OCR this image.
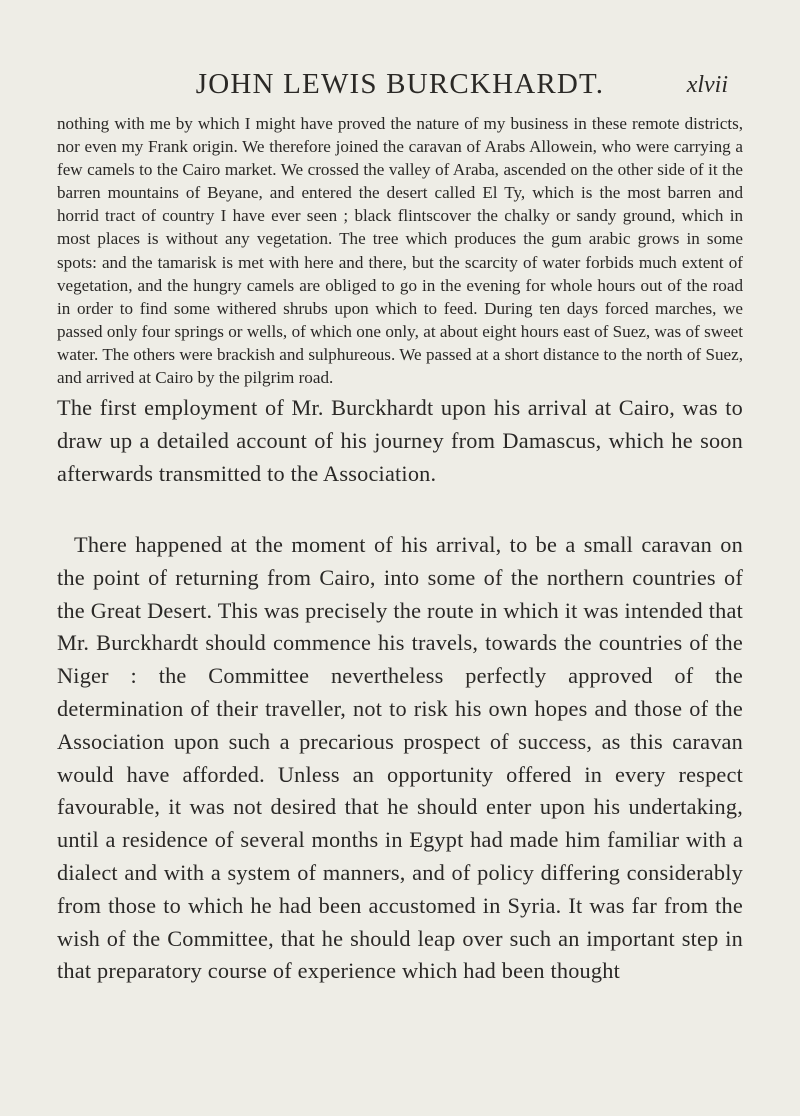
JOHN LEWIS BURCKHARDT.	xlvii

nothing with me by which I might have proved the nature of my business in these remote districts, nor even my Frank origin. We therefore joined the caravan of Arabs Allowein, who were carrying a few camels to the Cairo market. We crossed the valley of Araba, ascended on the other side of it the barren mountains of Beyane, and entered the desert called El Ty, which is the most barren and horrid tract of country I have ever seen ; black flintscover the chalky or sandy ground, which in most places is without any vegetation. The tree which produces the gum arabic grows in some spots: and the tamarisk is met with here and there, but the scarcity of water forbids much extent of vegetation, and the hungry camels are obliged to go in the evening for whole hours out of the road in order to find some withered shrubs upon which to feed. During ten days forced marches, we passed only four springs or wells, of which one only, at about eight hours east of Suez, was of sweet water. The others were brackish and sulphureous. We passed at a short distance to the north of Suez, and arrived at Cairo by the pilgrim road.

The first employment of Mr. Burckhardt upon his arrival at Cairo, was to draw up a detailed account of his journey from Damascus, which he soon afterwards transmitted to the Association.

There happened at the moment of his arrival, to be a small caravan on the point of returning from Cairo, into some of the northern countries of the Great Desert. This was precisely the route in which it was intended that Mr. Burckhardt should commence his travels, towards the countries of the Niger : the Committee nevertheless perfectly approved of the determination of their traveller, not to risk his own hopes and those of the Association upon such a precarious prospect of success, as this caravan would have afforded. Unless an opportunity offered in every respect favourable, it was not desired that he should enter upon his undertaking, until a residence of several months in Egypt had made him familiar with a dialect and with a system of manners, and of policy differing considerably from those to which he had been accustomed in Syria. It was far from the wish of the Committee, that he should leap over such an important step in that preparatory course of experience which had been thought
